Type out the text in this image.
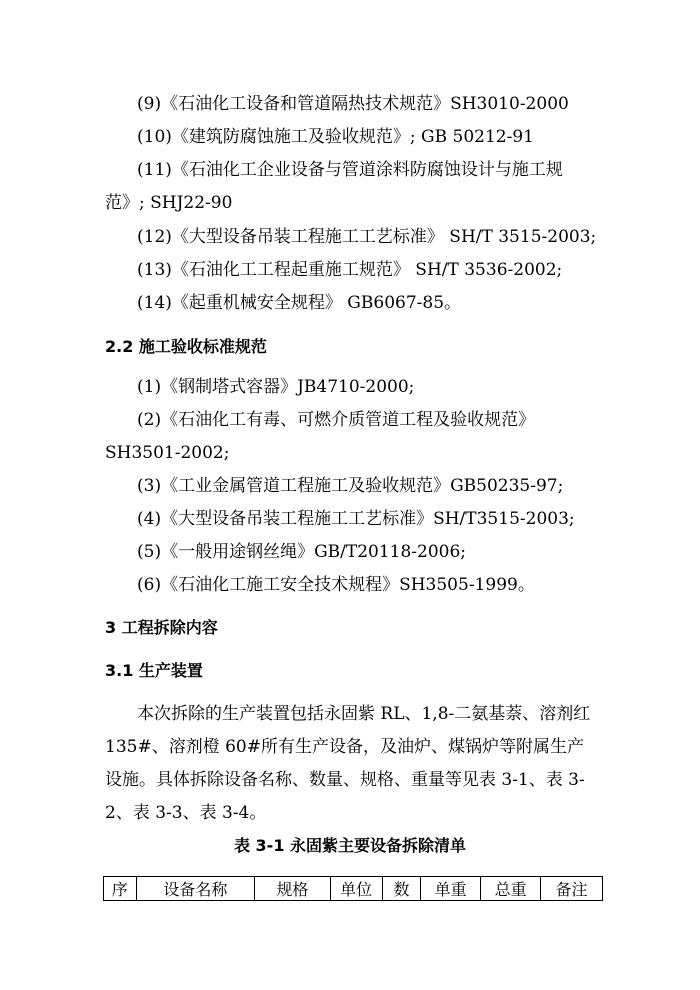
(9)《石油化工设备和管道隔热技术规范》SH3010-2000
(10)《建筑防腐蚀施工及验收规范》; GB 50212-91
(11)《石油化工企业设备与管道涂料防腐蚀设计与施工规
范》; SHJ22-90
(12)《大型设备吊装工程施工工艺标准》 SH/T 3515-2003;
(13)《石油化工工程起重施工规范》 SH/T 3536-2002;
(14)《起重机械安全规程》 GB6067-85。
2.2 施工验收标准规范
(1)《钢制塔式容器》JB4710-2000;
(2)《石油化工有毒、可燃介质管道工程及验收规范》
SH3501-2002;
(3)《工业金属管道工程施工及验收规范》GB50235-97;
(4)《大型设备吊装工程施工工艺标准》SH/T3515-2003;
(5)《一般用途钢丝绳》GB/T20118-2006;
(6)《石油化工施工安全技术规程》SH3505-1999。
3 工程拆除内容
3.1 生产装置
本次拆除的生产装置包括永固紫 RL、1,8-二氨基萘、溶剂红135#、溶剂橙 60#所有生产设备，及油炉、煤锅炉等附属生产设施。具体拆除设备名称、数量、规格、重量等见表 3-1、表 3-2、表 3-3、表 3-4。
表 3-1 永固紫主要设备拆除清单
序	设备名称	规格	单位	数	单重	总重	备注
